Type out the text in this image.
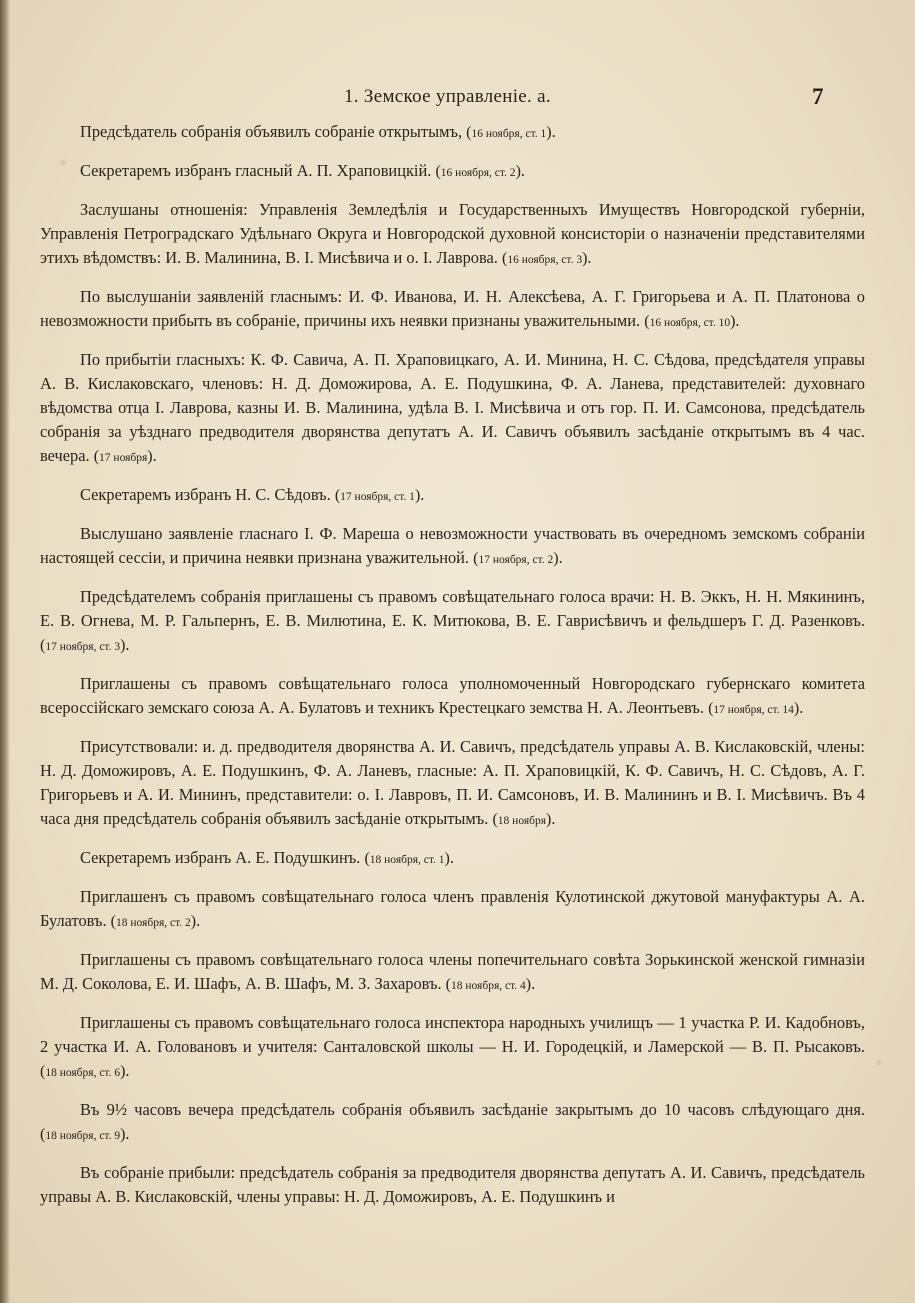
1. Земское управленіе. а.	7

Предсѣдатель собранія объявилъ собраніе открытымъ, (16 ноября, ст. 1).

Секретаремъ избранъ гласный А. П. Храповицкій. (16 ноября, ст. 2).

Заслушаны отношенія: Управленія Земледѣлія и Государственныхъ Имуществъ Новгородской губерніи, Управленія Петроградскаго Удѣльнаго Округа и Новгородской духовной консисторіи о назначеніи представителями этихъ вѣдомствъ: И. В. Малинина, В. І. Мисѣвича и о. І. Лаврова. (16 ноября, ст. 3).

По выслушаніи заявленій гласнымъ: И. Ф. Иванова, И. Н. Алексѣева, А. Г. Григорьева и А. П. Платонова о невозможности прибыть въ собраніе, причины ихъ неявки признаны уважительными. (16 ноября, ст. 10).

По прибытіи гласныхъ: К. Ф. Савича, А. П. Храповицкаго, А. И. Минина, Н. С. Сѣдова, предсѣдателя управы А. В. Кислаковскаго, членовъ: Н. Д. Доможирова, А. Е. Подушкина, Ф. А. Ланева, представителей: духовнаго вѣдомства отца І. Лаврова, казны И. В. Малинина, удѣла В. І. Мисѣвича и отъ гор. П. И. Самсонова, предсѣдатель собранія за уѣзднаго предводителя дворянства депутатъ А. И. Савичъ объявилъ засѣданіе открытымъ въ 4 час. вечера. (17 ноября).

Секретаремъ избранъ Н. С. Сѣдовъ. (17 ноября, ст. 1).

Выслушано заявленіе гласнаго І. Ф. Мареша о невозможности участвовать въ очередномъ земскомъ собраніи настоящей сессіи, и причина неявки признана уважительной. (17 ноября, ст. 2).

Предсѣдателемъ собранія приглашены съ правомъ совѣщательнаго голоса врачи: Н. В. Эккъ, Н. Н. Мякининъ, Е. В. Огнева, М. Р. Гальпернъ, Е. В. Милютина, Е. К. Митюкова, В. Е. Гаврисѣвичъ и фельдшеръ Г. Д. Разенковъ. (17 ноября, ст. 3).

Приглашены съ правомъ совѣщательнаго голоса уполномоченный Новгородскаго губернскаго комитета всероссійскаго земскаго союза А. А. Булатовъ и техникъ Крестецкаго земства Н. А. Леонтьевъ. (17 ноября, ст. 14).

Присутствовали: и. д. предводителя дворянства А. И. Савичъ, предсѣдатель управы А. В. Кислаковскій, члены: Н. Д. Доможировъ, А. Е. Подушкинъ, Ф. А. Ланевъ, гласные: А. П. Храповицкій, К. Ф. Савичъ, Н. С. Сѣдовъ, А. Г. Григорьевъ и А. И. Мининъ, представители: о. І. Лавровъ, П. И. Самсоновъ, И. В. Малининъ и В. І. Мисѣвичъ. Въ 4 часа дня предсѣдатель собранія объявилъ засѣданіе открытымъ. (18 ноября).

Секретаремъ избранъ А. Е. Подушкинъ. (18 ноября, ст. 1).

Приглашенъ съ правомъ совѣщательнаго голоса членъ правленія Кулотинской джутовой мануфактуры А. А. Булатовъ. (18 ноября, ст. 2).

Приглашены съ правомъ совѣщательнаго голоса члены попечительнаго совѣта Зорькинской женской гимназіи М. Д. Соколова, Е. И. Шафъ, А. В. Шафъ, М. З. Захаровъ. (18 ноября, ст. 4).

Приглашены съ правомъ совѣщательнаго голоса инспектора народныхъ училищъ — 1 участка Р. И. Кадобновъ, 2 участка И. А. Головановъ и учителя: Санталовской школы — Н. И. Городецкій, и Ламерской — В. П. Рысаковъ. (18 ноября, ст. 6).

Въ 9½ часовъ вечера предсѣдатель собранія объявилъ засѣданіе закрытымъ до 10 часовъ слѣдующаго дня. (18 ноября, ст. 9).

Въ собраніе прибыли: предсѣдатель собранія за предводителя дворянства депутатъ А. И. Савичъ, предсѣдатель управы А. В. Кислаковскій, члены управы: Н. Д. Доможировъ, А. Е. Подушкинъ и
